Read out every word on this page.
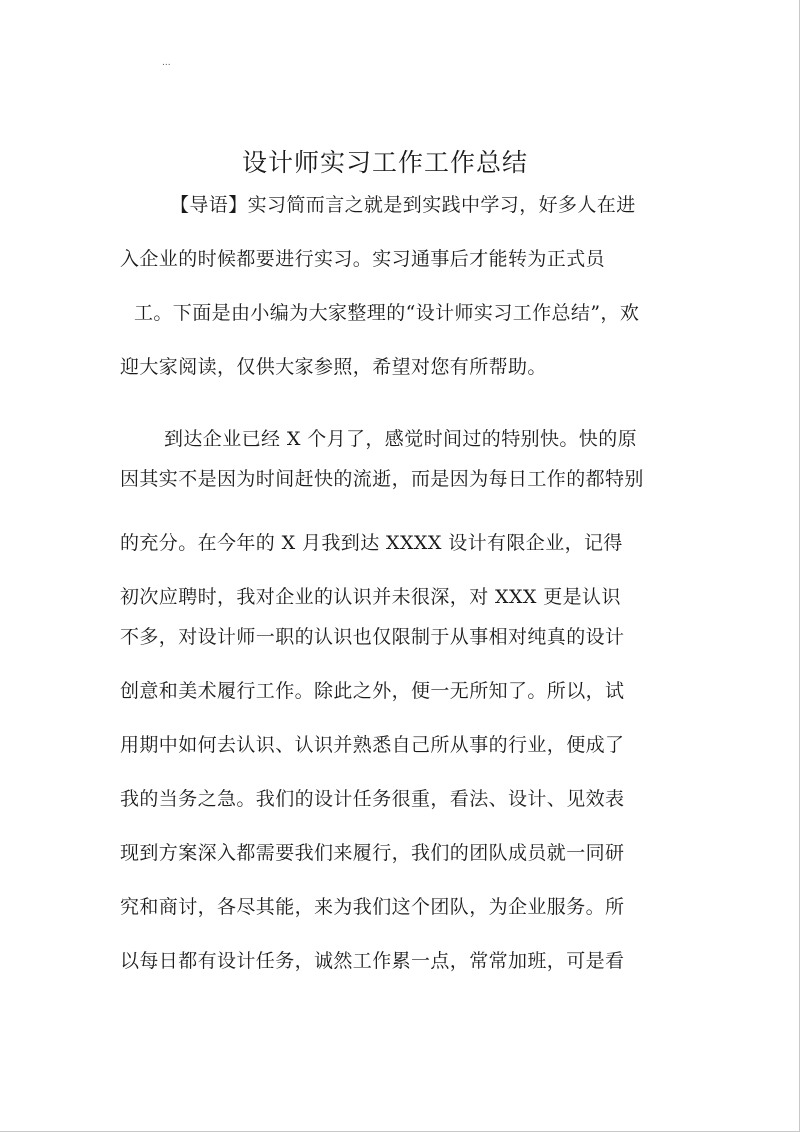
...
设计师实习工作工作总结
【导语】实习简而言之就是到实践中学习，好多人在进
入企业的时候都要进行实习。实习通事后才能转为正式员
工。下面是由小编为大家整理的“设计师实习工作总结”，欢
迎大家阅读，仅供大家参照，希望对您有所帮助。
到达企业已经 X 个月了，感觉时间过的特别快。快的原
因其实不是因为时间赶快的流逝，而是因为每日工作的都特别
的充分。在今年的 X 月我到达 XXXX 设计有限企业，记得
初次应聘时，我对企业的认识并未很深，对 XXX 更是认识
不多，对设计师一职的认识也仅限制于从事相对纯真的设计
创意和美术履行工作。除此之外，便一无所知了。所以，试
用期中如何去认识、认识并熟悉自己所从事的行业，便成了
我的当务之急。我们的设计任务很重，看法、设计、见效表
现到方案深入都需要我们来履行，我们的团队成员就一同研
究和商讨，各尽其能，来为我们这个团队，为企业服务。所
以每日都有设计任务，诚然工作累一点，常常加班，可是看
